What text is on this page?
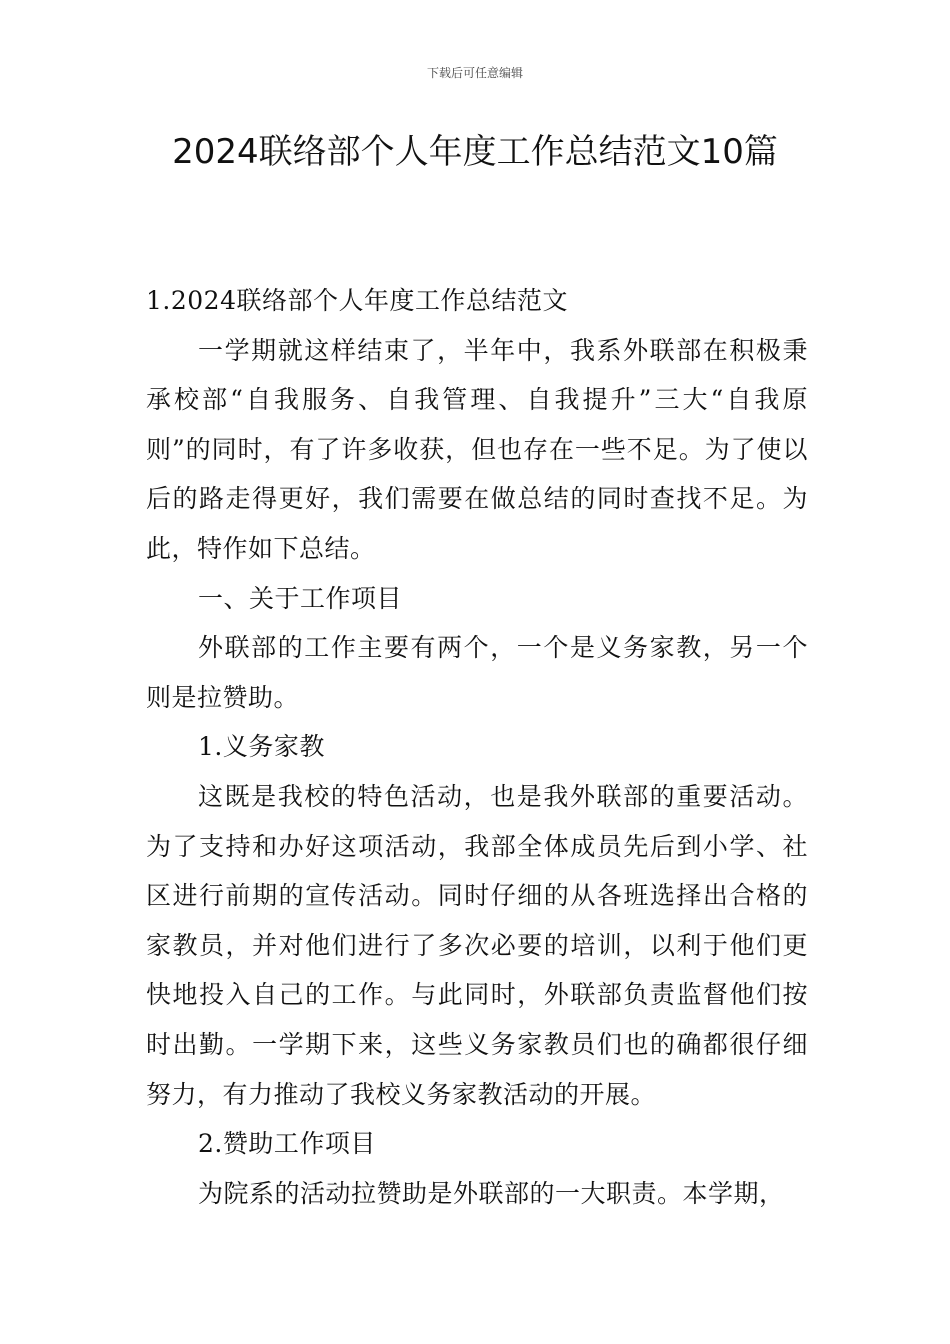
下载后可任意编辑
2024联络部个人年度工作总结范文10篇

1.2024联络部个人年度工作总结范文

一学期就这样结束了，半年中，我系外联部在积极秉承校部“自我服务、自我管理、自我提升”三大“自我原则”的同时，有了许多收获，但也存在一些不足。为了使以后的路走得更好，我们需要在做总结的同时查找不足。为此，特作如下总结。

一、关于工作项目

外联部的工作主要有两个，一个是义务家教，另一个则是拉赞助。

1.义务家教

这既是我校的特色活动，也是我外联部的重要活动。为了支持和办好这项活动，我部全体成员先后到小学、社区进行前期的宣传活动。同时仔细的从各班选择出合格的家教员，并对他们进行了多次必要的培训，以利于他们更快地投入自己的工作。与此同时，外联部负责监督他们按时出勤。一学期下来，这些义务家教员们也的确都很仔细努力，有力推动了我校义务家教活动的开展。

2.赞助工作项目

为院系的活动拉赞助是外联部的一大职责。本学期，
